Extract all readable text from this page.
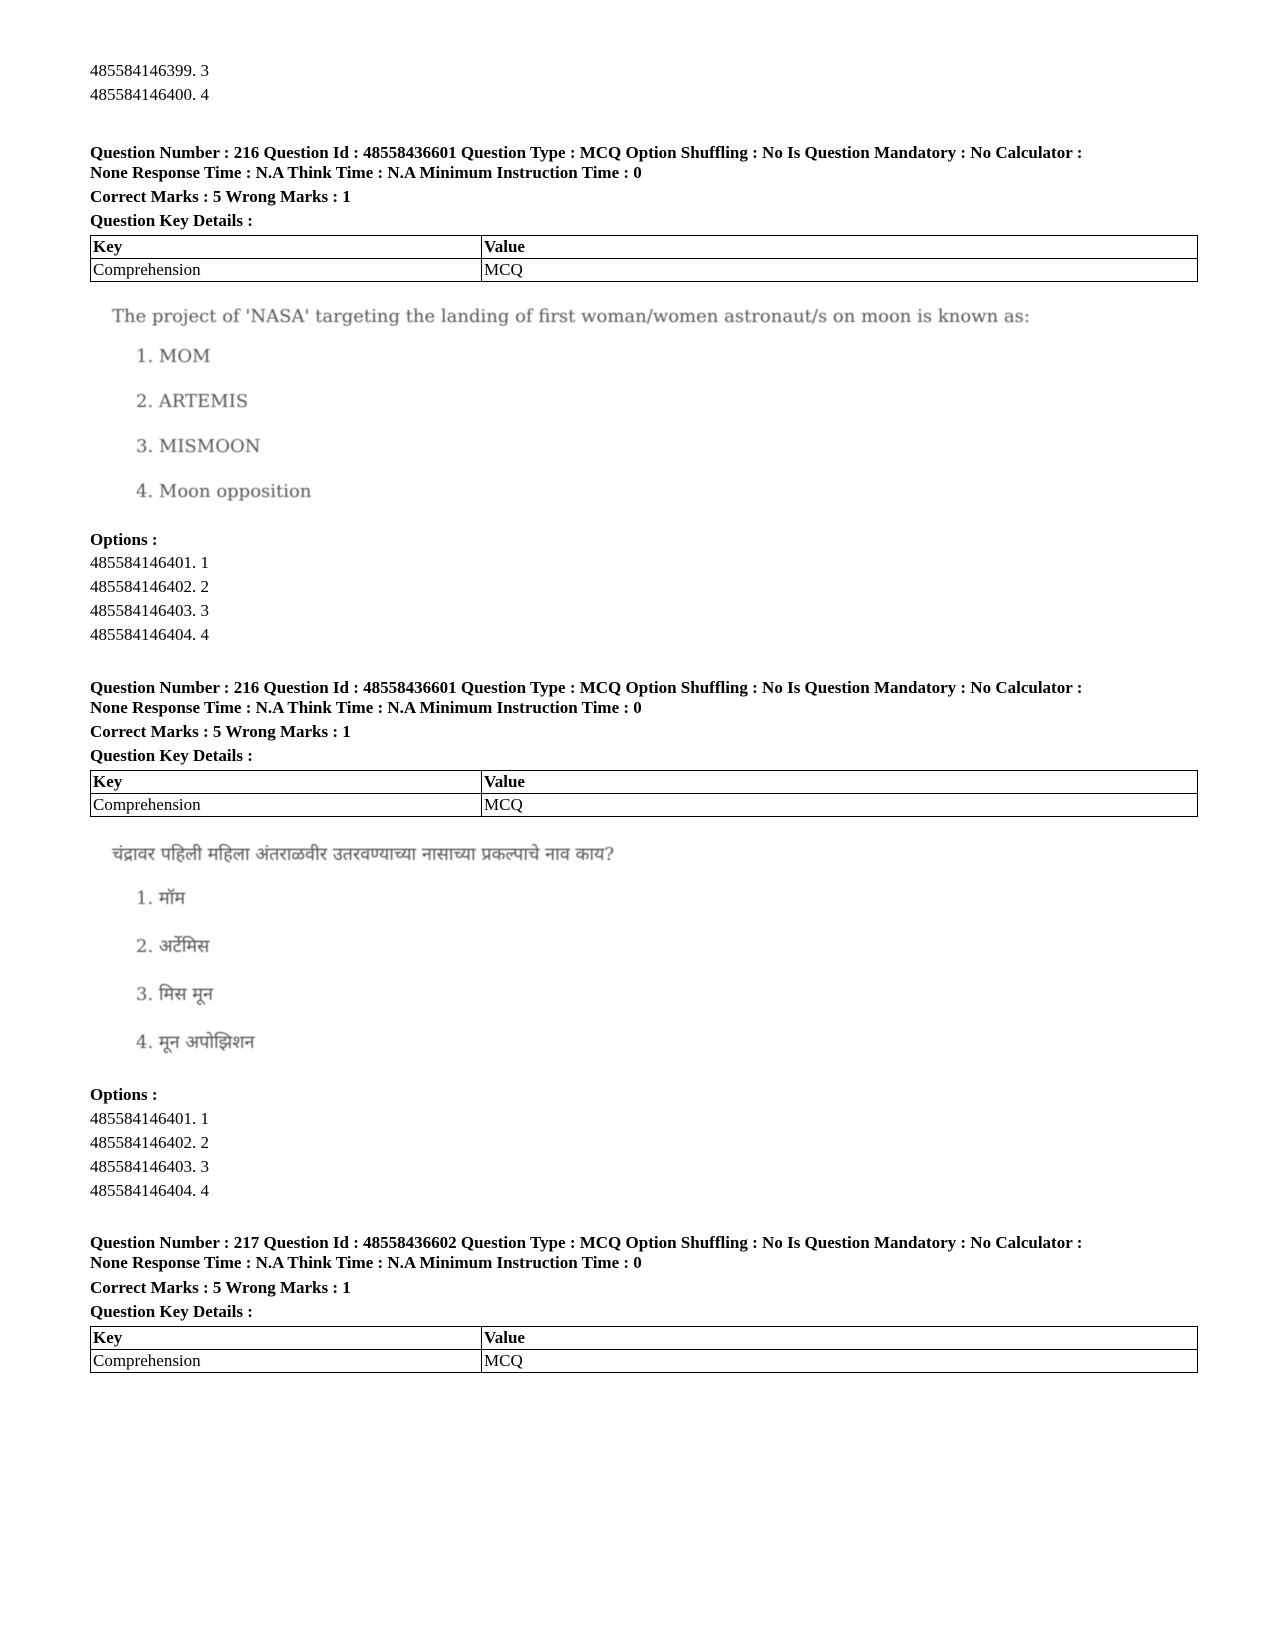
485584146399. 3
485584146400. 4
Question Number : 216 Question Id : 48558436601 Question Type : MCQ Option Shuffling : No Is Question Mandatory : No Calculator :
None Response Time : N.A Think Time : N.A Minimum Instruction Time : 0
Correct Marks : 5 Wrong Marks : 1
Question Key Details :
Key	Value
Comprehension	MCQ
The project of 'NASA' targeting the landing of first woman/women astronaut/s on moon is known as:
1. MOM
2. ARTEMIS
3. MISMOON
4. Moon opposition
Options :
485584146401. 1
485584146402. 2
485584146403. 3
485584146404. 4
Question Number : 216 Question Id : 48558436601 Question Type : MCQ Option Shuffling : No Is Question Mandatory : No Calculator :
None Response Time : N.A Think Time : N.A Minimum Instruction Time : 0
Correct Marks : 5 Wrong Marks : 1
Question Key Details :
Key	Value
Comprehension	MCQ
चंद्रावर पहिली महिला अंतराळवीर उतरवण्याच्या नासाच्या प्रकल्पाचे नाव काय?
1. मॉम
2. अर्टेमिस
3. मिस मून
4. मून अपोझिशन
Options :
485584146401. 1
485584146402. 2
485584146403. 3
485584146404. 4
Question Number : 217 Question Id : 48558436602 Question Type : MCQ Option Shuffling : No Is Question Mandatory : No Calculator :
None Response Time : N.A Think Time : N.A Minimum Instruction Time : 0
Correct Marks : 5 Wrong Marks : 1
Question Key Details :
Key	Value
Comprehension	MCQ
